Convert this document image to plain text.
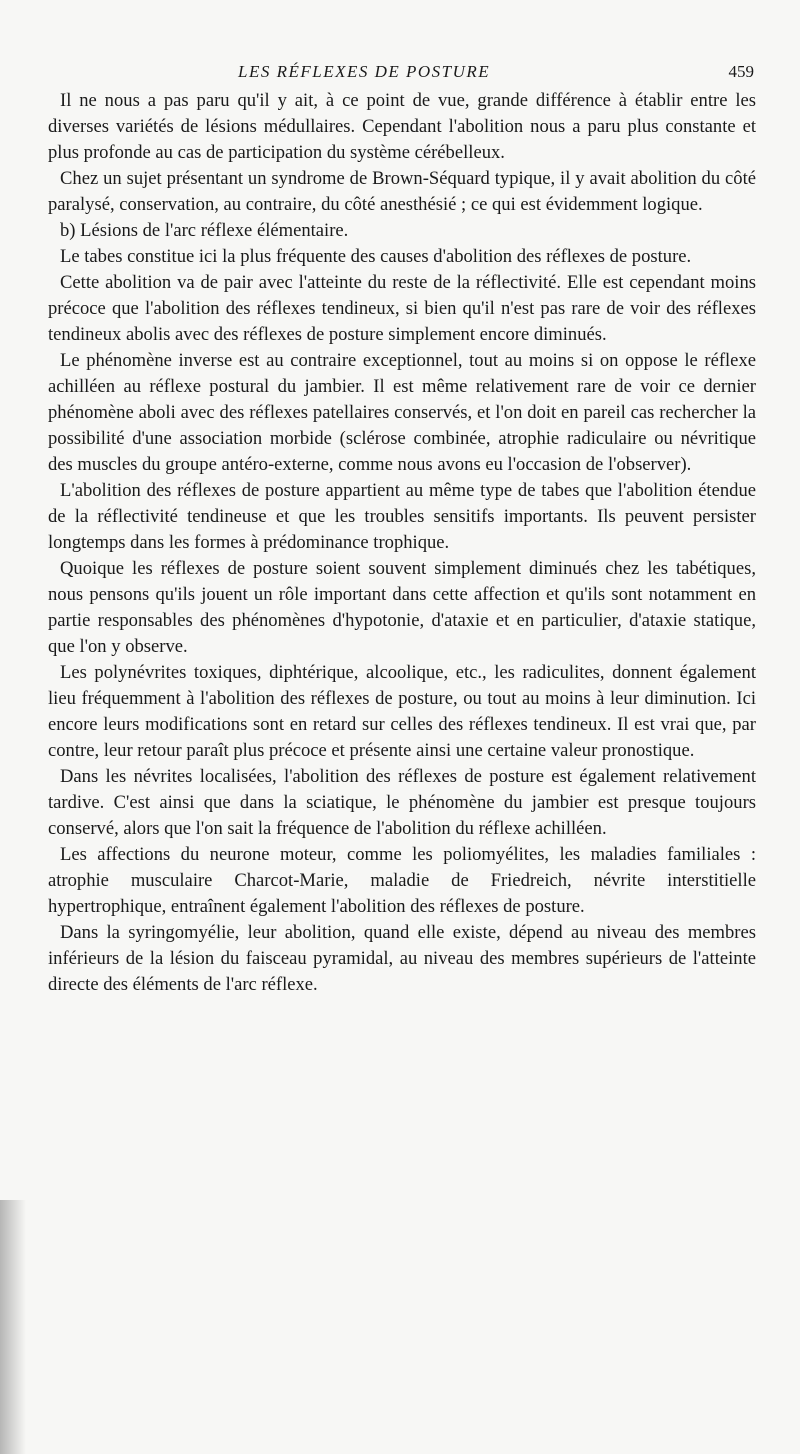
LES RÉFLEXES DE POSTURE	459

Il ne nous a pas paru qu'il y ait, à ce point de vue, grande différence à établir entre les diverses variétés de lésions médullaires. Cependant l'abolition nous a paru plus constante et plus profonde au cas de participation du système cérébelleux.

Chez un sujet présentant un syndrome de Brown-Séquard typique, il y avait abolition du côté paralysé, conservation, au contraire, du côté anesthésié ; ce qui est évidemment logique.

b) Lésions de l'arc réflexe élémentaire.

Le tabes constitue ici la plus fréquente des causes d'abolition des réflexes de posture.

Cette abolition va de pair avec l'atteinte du reste de la réflectivité. Elle est cependant moins précoce que l'abolition des réflexes tendineux, si bien qu'il n'est pas rare de voir des réflexes tendineux abolis avec des réflexes de posture simplement encore diminués.

Le phénomène inverse est au contraire exceptionnel, tout au moins si on oppose le réflexe achilléen au réflexe postural du jambier. Il est même relativement rare de voir ce dernier phénomène aboli avec des réflexes patellaires conservés, et l'on doit en pareil cas rechercher la possibilité d'une association morbide (sclérose combinée, atrophie radiculaire ou névritique des muscles du groupe antéro-externe, comme nous avons eu l'occasion de l'observer).

L'abolition des réflexes de posture appartient au même type de tabes que l'abolition étendue de la réflectivité tendineuse et que les troubles sensitifs importants. Ils peuvent persister longtemps dans les formes à prédominance trophique.

Quoique les réflexes de posture soient souvent simplement diminués chez les tabétiques, nous pensons qu'ils jouent un rôle important dans cette affection et qu'ils sont notamment en partie responsables des phénomènes d'hypotonie, d'ataxie et en particulier, d'ataxie statique, que l'on y observe.

Les polynévrites toxiques, diphtérique, alcoolique, etc., les radiculites, donnent également lieu fréquemment à l'abolition des réflexes de posture, ou tout au moins à leur diminution. Ici encore leurs modifications sont en retard sur celles des réflexes tendineux. Il est vrai que, par contre, leur retour paraît plus précoce et présente ainsi une certaine valeur pronostique.

Dans les névrites localisées, l'abolition des réflexes de posture est également relativement tardive. C'est ainsi que dans la sciatique, le phénomène du jambier est presque toujours conservé, alors que l'on sait la fréquence de l'abolition du réflexe achilléen.

Les affections du neurone moteur, comme les poliomyélites, les maladies familiales : atrophie musculaire Charcot-Marie, maladie de Friedreich, névrite interstitielle hypertrophique, entraînent également l'abolition des réflexes de posture.

Dans la syringomyélie, leur abolition, quand elle existe, dépend au niveau des membres inférieurs de la lésion du faisceau pyramidal, au niveau des membres supérieurs de l'atteinte directe des éléments de l'arc réflexe.
